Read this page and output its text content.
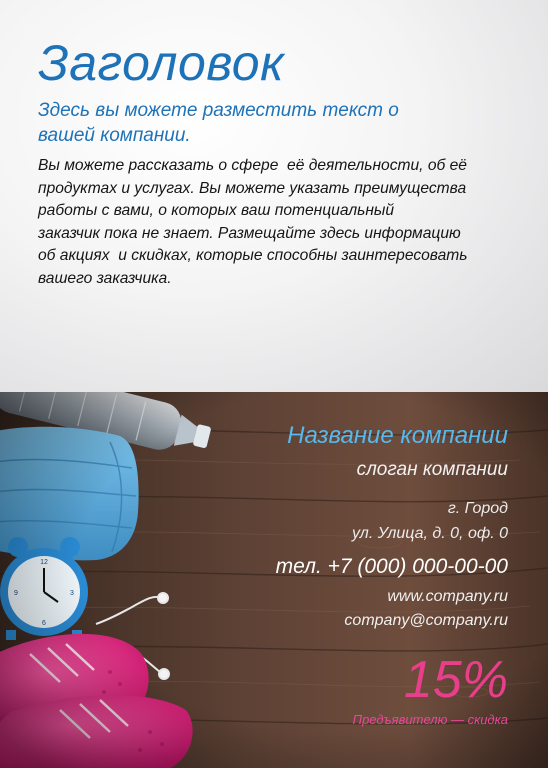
Заголовок

Здесь вы можете разместить текст о вашей компании.

Вы можете рассказать о сфере  её деятельности, об её
продуктах и услугах. Вы можете указать преимущества
работы с вами, о которых ваш потенциальный
заказчик пока не знает. Размещайте здесь информацию
об акциях  и скидках, которые способны заинтересовать
вашего заказчика.

Название компании
слоган компании
г. Город
ул. Улица, д. 0, оф. 0
тел. +7 (000) 000-00-00
www.company.ru
company@company.ru
15%
Предъявителю — скидка
